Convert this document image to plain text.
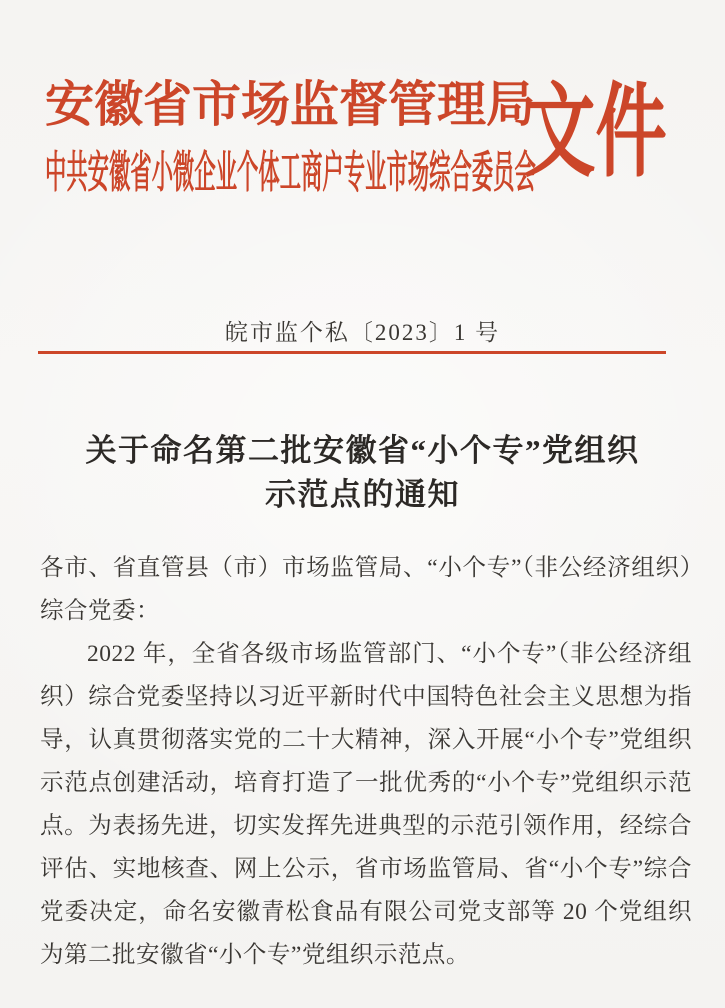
安徽省市场监督管理局
中共安徽省小微企业个体工商户专业市场综合委员会
文件
皖市监个私〔2023〕1 号
关于命名第二批安徽省“小个专”党组织
示范点的通知

各市、省直管县（市）市场监管局、“小个专”（非公经济组织）综合党委：

2022 年，全省各级市场监管部门、“小个专”（非公经济组织）综合党委坚持以习近平新时代中国特色社会主义思想为指导，认真贯彻落实党的二十大精神，深入开展“小个专”党组织示范点创建活动，培育打造了一批优秀的“小个专”党组织示范点。为表扬先进，切实发挥先进典型的示范引领作用，经综合评估、实地核查、网上公示，省市场监管局、省“小个专”综合党委决定，命名安徽青松食品有限公司党支部等 20 个党组织为第二批安徽省“小个专”党组织示范点。
